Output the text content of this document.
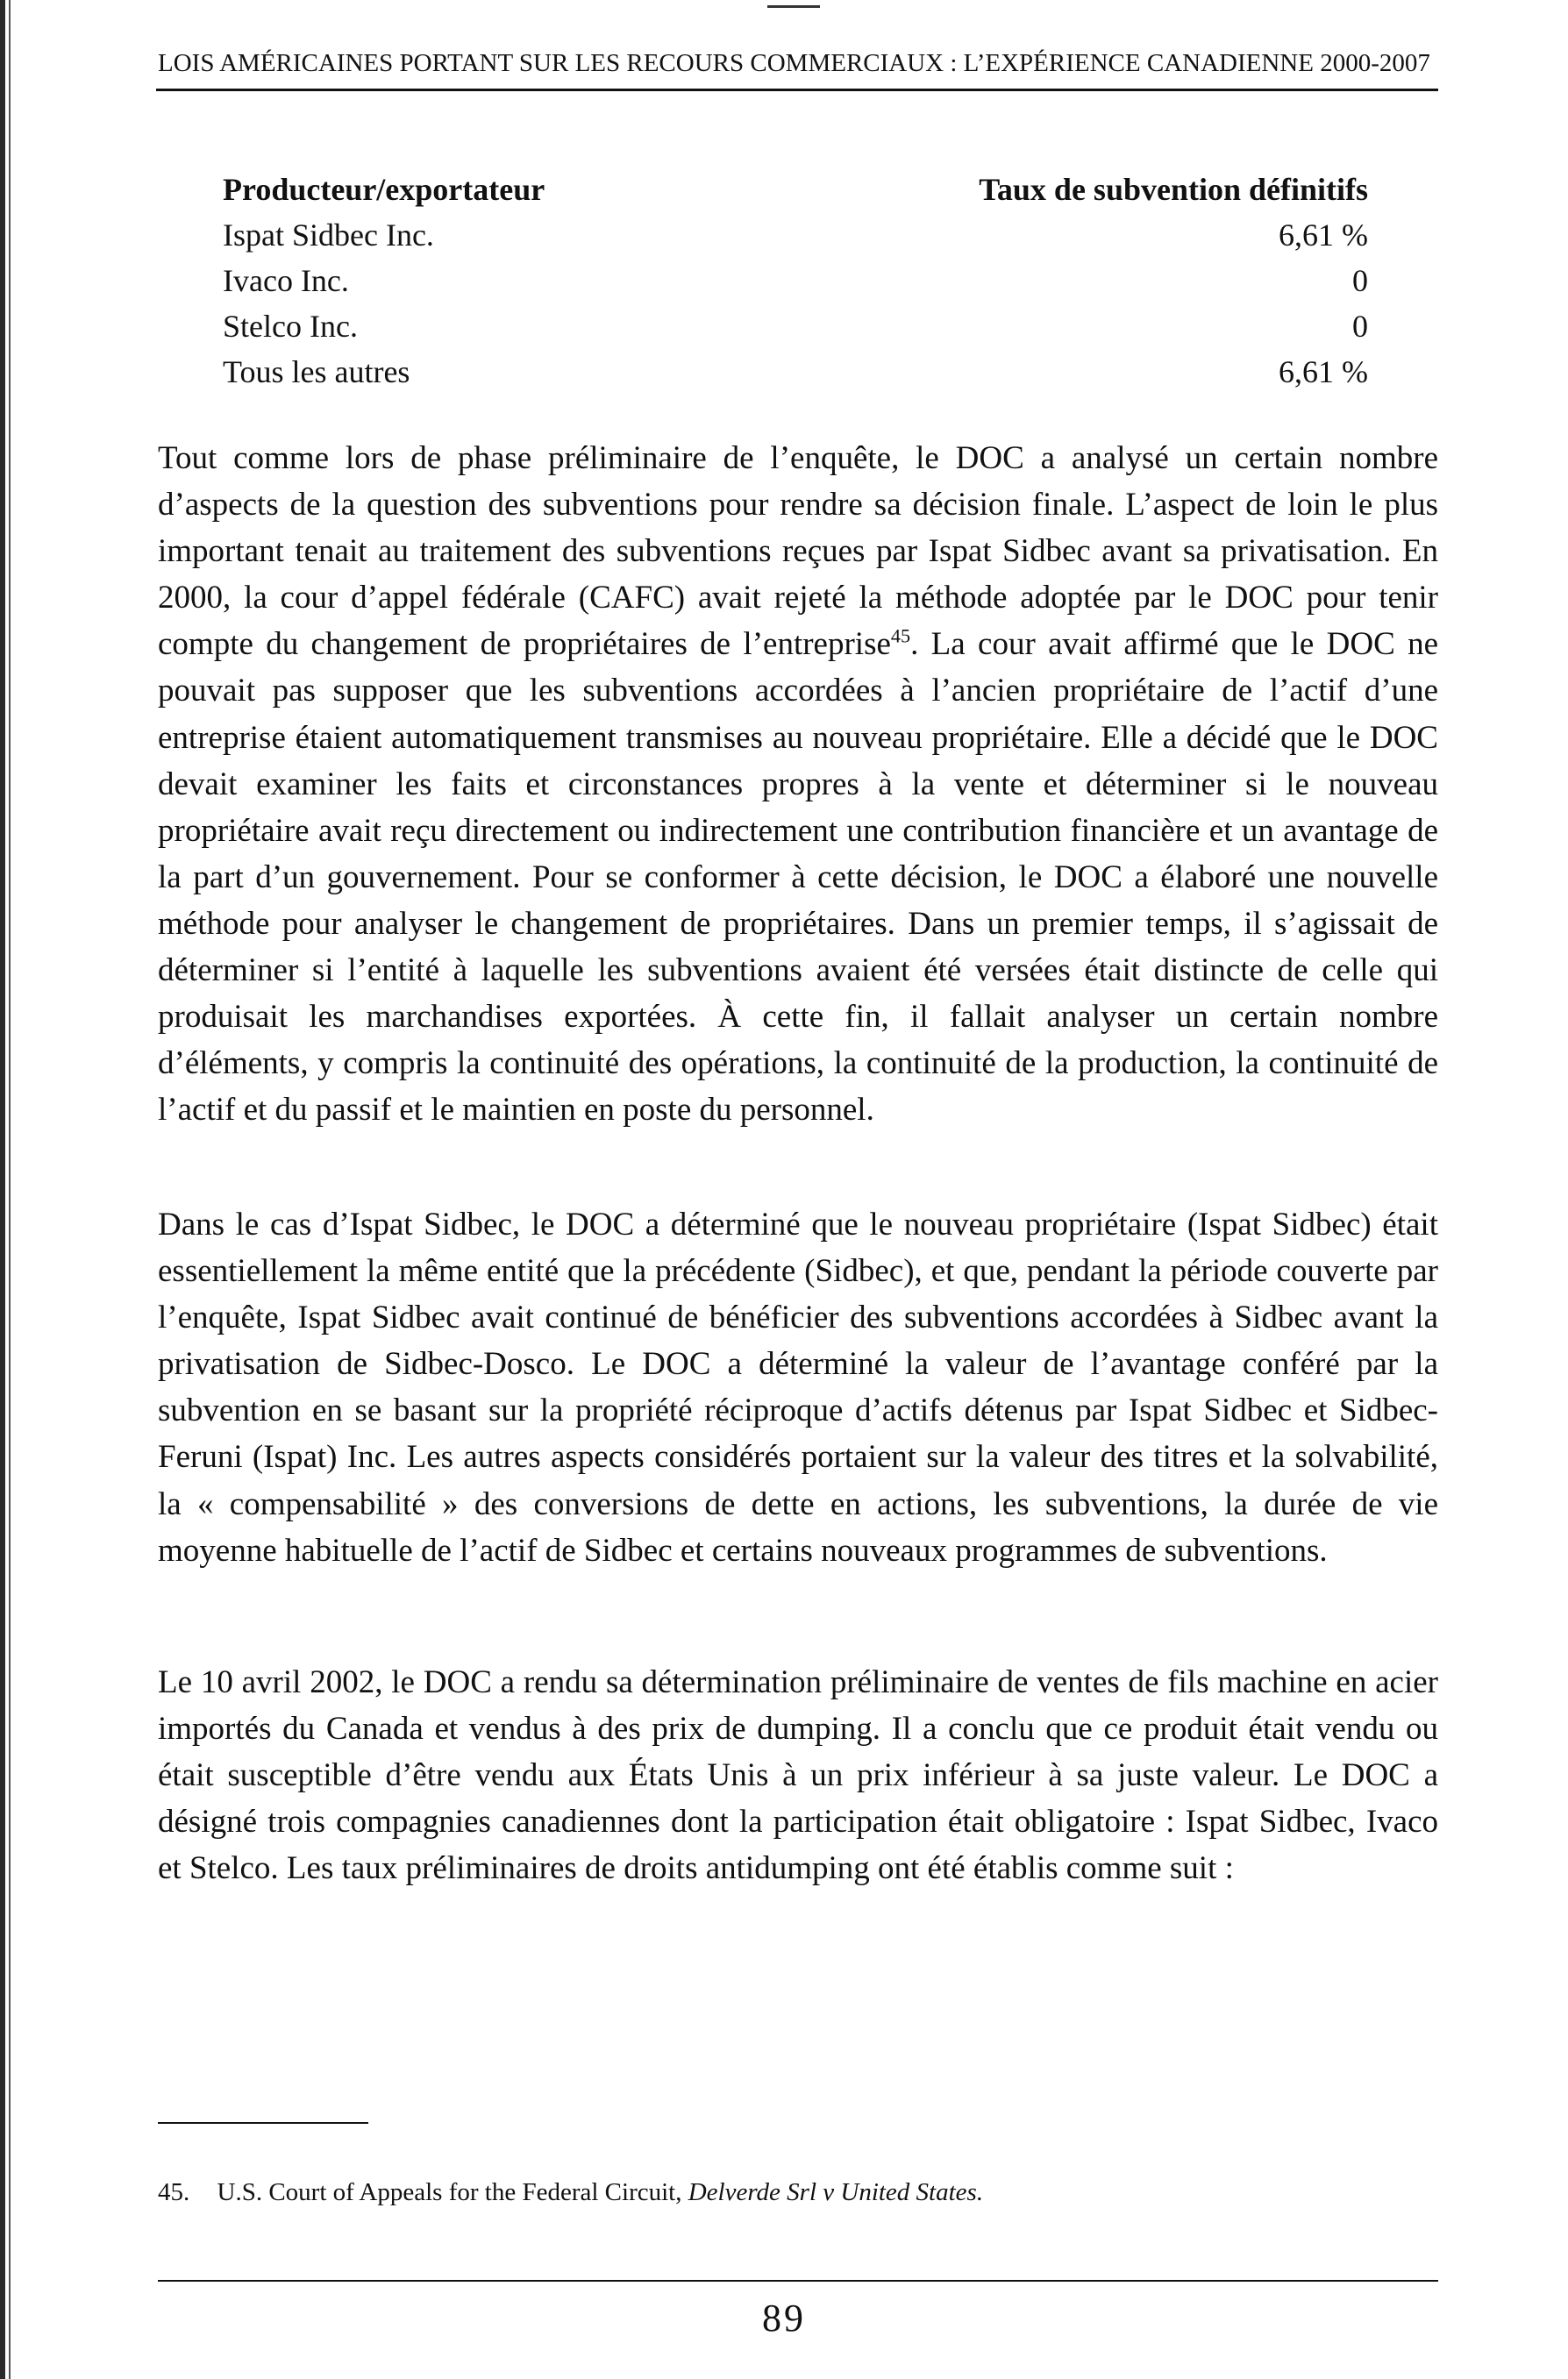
LOIS AMÉRICAINES PORTANT SUR LES RECOURS COMMERCIAUX : L’EXPÉRIENCE CANADIENNE 2000-2007
Producteur/exportateur	Taux de subvention définitifs
Ispat Sidbec Inc.	6,61 %
Ivaco Inc.	0
Stelco Inc.	0
Tous les autres	6,61 %

Tout comme lors de phase préliminaire de l’enquête, le DOC a analysé un certain nombre d’aspects de la question des subventions pour rendre sa décision finale. L’aspect de loin le plus important tenait au traitement des subventions reçues par Ispat Sidbec avant sa privatisation. En 2000, la cour d’appel fédérale (CAFC) avait rejeté la méthode adoptée par le DOC pour tenir compte du changement de propriétaires de l’entreprise$^{45}$. La cour avait affirmé que le DOC ne pouvait pas supposer que les subventions accordées à l’ancien propriétaire de l’actif d’une entreprise étaient automatiquement transmises au nouveau propriétaire. Elle a décidé que le DOC devait examiner les faits et circonstances propres à la vente et déterminer si le nouveau propriétaire avait reçu directement ou indirectement une contribution financière et un avantage de la part d’un gouvernement. Pour se conformer à cette décision, le DOC a élaboré une nouvelle méthode pour analyser le changement de propriétaires. Dans un premier temps, il s’agissait de déterminer si l’entité à laquelle les subventions avaient été versées était distincte de celle qui produisait les marchandises exportées. À cette fin, il fallait analyser un certain nombre d’éléments, y compris la continuité des opérations, la continuité de la production, la continuité de l’actif et du passif et le maintien en poste du personnel.

Dans le cas d’Ispat Sidbec, le DOC a déterminé que le nouveau propriétaire (Ispat Sidbec) était essentiellement la même entité que la précédente (Sidbec), et que, pendant la période couverte par l’enquête, Ispat Sidbec avait continué de bénéficier des subventions accordées à Sidbec avant la privatisation de Sidbec-Dosco. Le DOC a déterminé la valeur de l’avantage conféré par la subvention en se basant sur la propriété réciproque d’actifs détenus par Ispat Sidbec et Sidbec-Feruni (Ispat) Inc. Les autres aspects considérés portaient sur la valeur des titres et la solvabilité, la « compensabilité » des conversions de dette en actions, les subventions, la durée de vie moyenne habituelle de l’actif de Sidbec et certains nouveaux programmes de subventions.

Le 10 avril 2002, le DOC a rendu sa détermination préliminaire de ventes de fils machine en acier importés du Canada et vendus à des prix de dumping. Il a conclu que ce produit était vendu ou était susceptible d’être vendu aux États Unis à un prix inférieur à sa juste valeur. Le DOC a désigné trois compagnies canadiennes dont la participation était obligatoire : Ispat Sidbec, Ivaco et Stelco. Les taux préliminaires de droits antidumping ont été établis comme suit :

45. U.S. Court of Appeals for the Federal Circuit, Delverde Srl v United States.
89
